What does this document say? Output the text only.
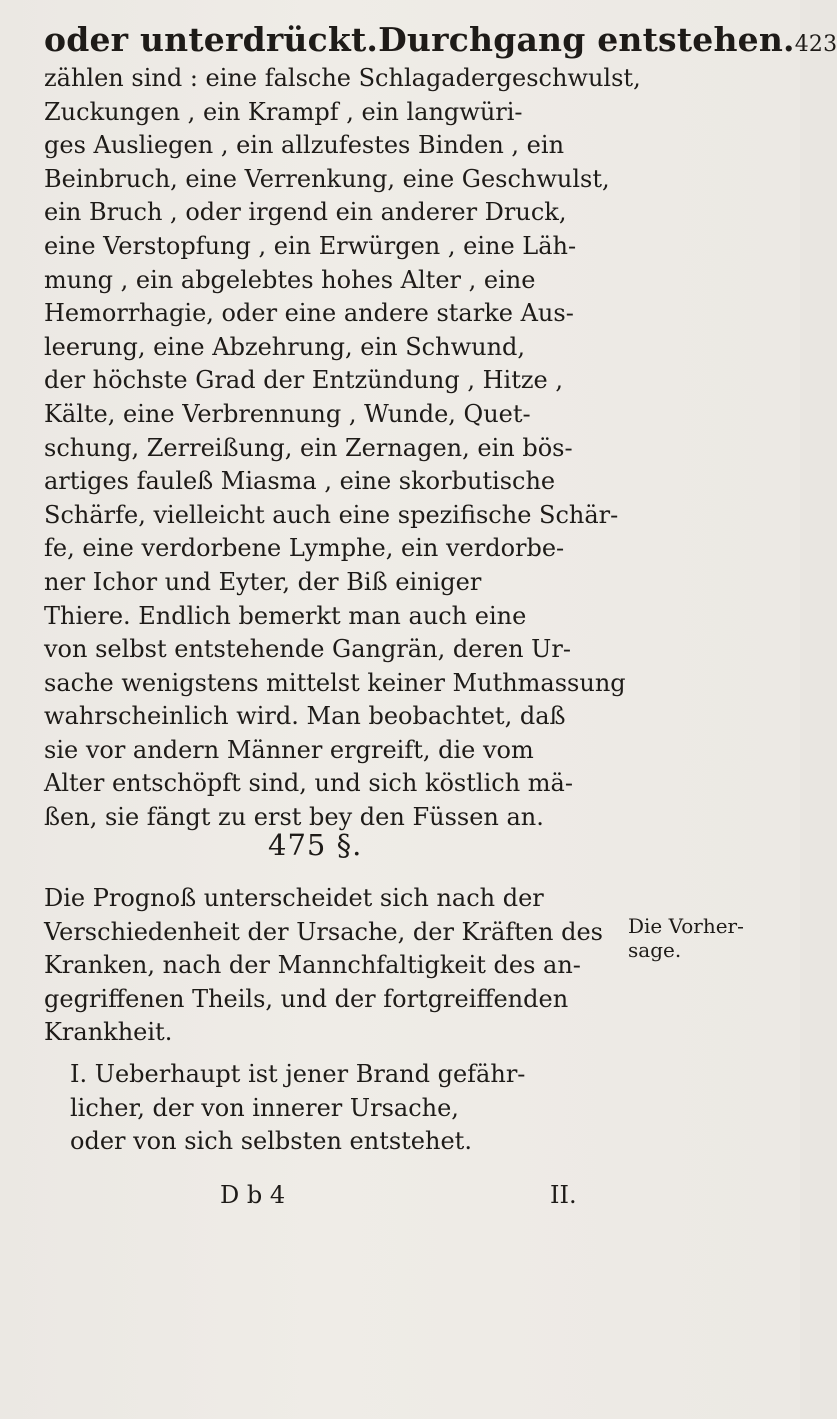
oder unterdrückt.Durchgang entstehen.423
zählen sind : eine falsche Schlagadergeschwulst,
Zuckungen , ein Krampf , ein langwüri-
ges Ausliegen , ein allzufestes Binden , ein
Beinbruch, eine Verrenkung, eine Geschwulst,
ein Bruch , oder irgend ein anderer Druck,
eine Verstopfung , ein Erwürgen , eine Läh-
mung , ein abgelebtes hohes Alter , eine
Hemorrhagie, oder eine andere starke Aus-
leerung, eine Abzehrung, ein Schwund,
der höchste Grad der Entzündung , Hitze ,
Kälte, eine Verbrennung , Wunde, Quet-
schung, Zerreißung, ein Zernagen, ein bös-
artiges fauleß Miasma , eine skorbutische
Schärfe, vielleicht auch eine spezifische Schär-
fe, eine verdorbene Lymphe, ein verdorbe-
ner Ichor und Eyter, der Biß einiger
Thiere. Endlich bemerkt man auch eine
von selbst entstehende Gangrän, deren Ur-
sache wenigstens mittelst keiner Muthmassung
wahrscheinlich wird. Man beobachtet, daß
sie vor andern Männer ergreift, die vom
Alter entschöpft sind, und sich köstlich mä-
ßen, sie fängt zu erst bey den Füssen an.
475 §.
Die Prognoß unterscheidet sich nach der
Verschiedenheit der Ursache, der Kräften des
Kranken, nach der Mannchfaltigkeit des an-
gegriffenen Theils, und der fortgreiffenden
Krankheit.
Die Vorher-
sage.
I. Ueberhaupt ist jener Brand gefähr-
licher, der von innerer Ursache,
oder von sich selbsten entstehet.
D b 4	II.
